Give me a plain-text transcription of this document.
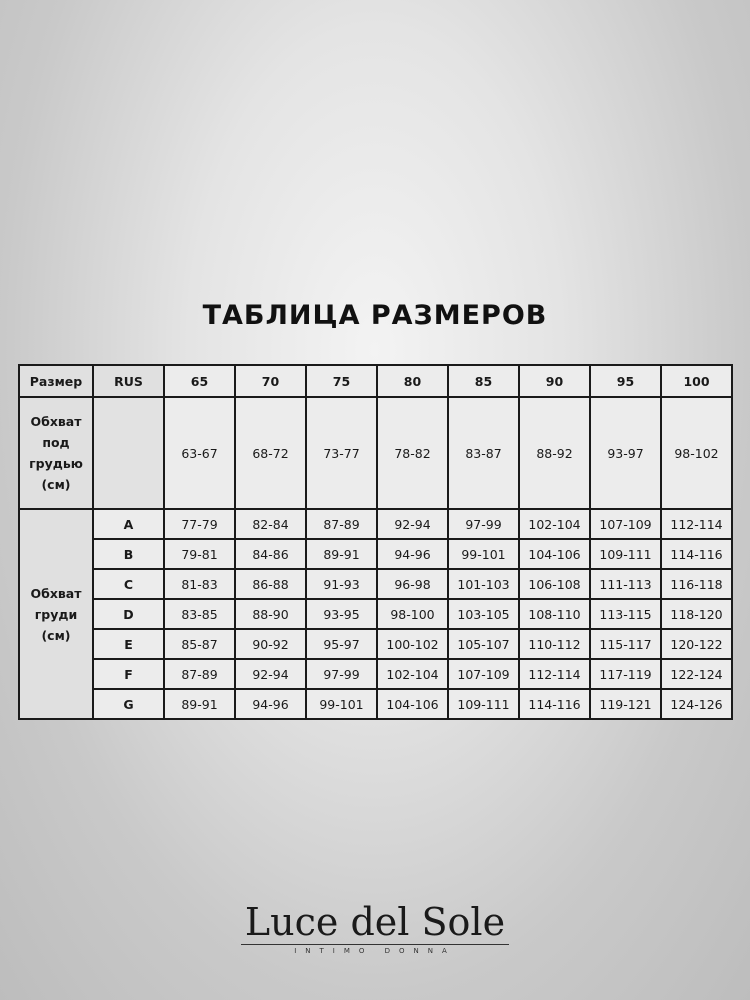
ТАБЛИЦА РАЗМЕРОВ
Размер	RUS	65	70	75	80	85	90	95	100

Обхват
под
грудью
(см)		63-67	68-72	73-77	78-82	83-87	88-92	93-97	98-102

Обхват
груди
(см)	A	77-79	82-84	87-89	92-94	97-99	102-104	107-109	112-114
	B	79-81	84-86	89-91	94-96	99-101	104-106	109-111	114-116
	C	81-83	86-88	91-93	96-98	101-103	106-108	111-113	116-118
	D	83-85	88-90	93-95	98-100	103-105	108-110	113-115	118-120
	E	85-87	90-92	95-97	100-102	105-107	110-112	115-117	120-122
	F	87-89	92-94	97-99	102-104	107-109	112-114	117-119	122-124
	G	89-91	94-96	99-101	104-106	109-111	114-116	119-121	124-126
Luce del Sole
INTIMO DONNA
